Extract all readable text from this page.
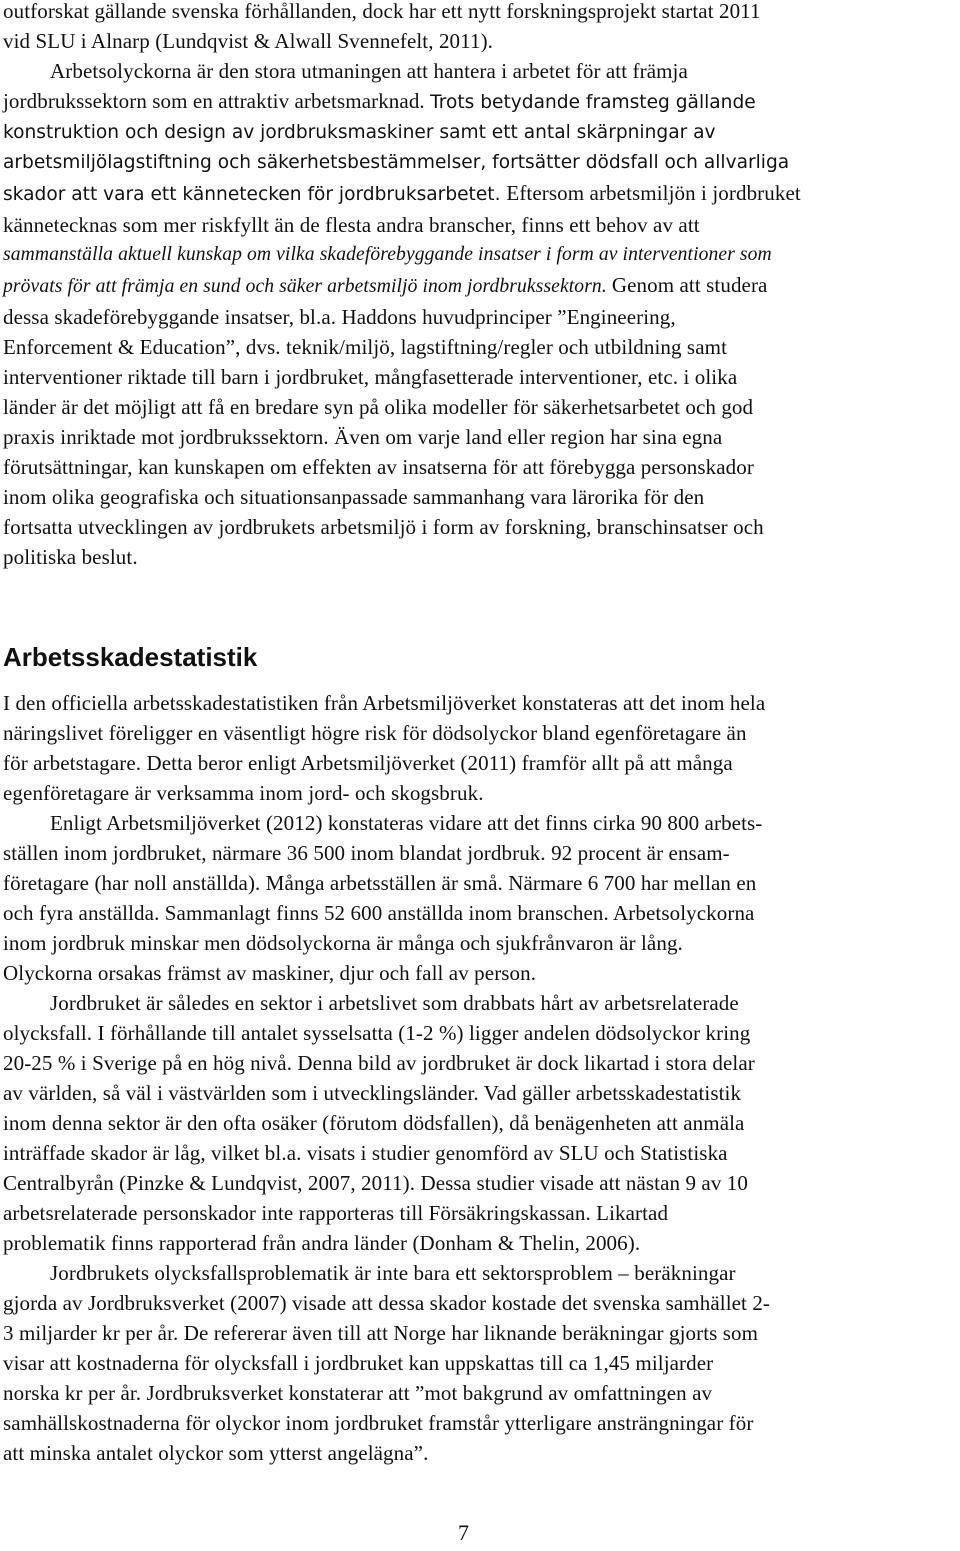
outforskat gällande svenska förhållanden, dock har ett nytt forskningsprojekt startat 2011
vid SLU i Alnarp (Lundqvist & Alwall Svennefelt, 2011).
Arbetsolyckorna är den stora utmaningen att hantera i arbetet för att främja
jordbrukssektorn som en attraktiv arbetsmarknad. Trots betydande framsteg gällande
konstruktion och design av jordbruksmaskiner samt ett antal skärpningar av
arbetsmiljölagstiftning och säkerhetsbestämmelser, fortsätter dödsfall och allvarliga
skador att vara ett kännetecken för jordbruksarbetet. Eftersom arbetsmiljön i jordbruket
kännetecknas som mer riskfyllt än de flesta andra branscher, finns ett behov av att
sammanställa aktuell kunskap om vilka skadeförebyggande insatser i form av interventioner som
prövats för att främja en sund och säker arbetsmiljö inom jordbrukssektorn. Genom att studera
dessa skadeförebyggande insatser, bl.a. Haddons huvudprinciper ”Engineering,
Enforcement & Education”, dvs. teknik/miljö, lagstiftning/regler och utbildning samt
interventioner riktade till barn i jordbruket, mångfasetterade interventioner, etc. i olika
länder är det möjligt att få en bredare syn på olika modeller för säkerhetsarbetet och god
praxis inriktade mot jordbrukssektorn. Även om varje land eller region har sina egna
förutsättningar, kan kunskapen om effekten av insatserna för att förebygga personskador
inom olika geografiska och situationsanpassade sammanhang vara lärorika för den
fortsatta utvecklingen av jordbrukets arbetsmiljö i form av forskning, branschinsatser och
politiska beslut.
Arbetsskadestatistik
I den officiella arbetsskadestatistiken från Arbetsmiljöverket konstateras att det inom hela
näringslivet föreligger en väsentligt högre risk för dödsolyckor bland egenföretagare än
för arbetstagare. Detta beror enligt Arbetsmiljöverket (2011) framför allt på att många
egenföretagare är verksamma inom jord- och skogsbruk.
Enligt Arbetsmiljöverket (2012) konstateras vidare att det finns cirka 90 800 arbets-
ställen inom jordbruket, närmare 36 500 inom blandat jordbruk. 92 procent är ensam-
företagare (har noll anställda). Många arbetsställen är små. Närmare 6 700 har mellan en
och fyra anställda. Sammanlagt finns 52 600 anställda inom branschen. Arbetsolyckorna
inom jordbruk minskar men dödsolyckorna är många och sjukfrånvaron är lång.
Olyckorna orsakas främst av maskiner, djur och fall av person.
Jordbruket är således en sektor i arbetslivet som drabbats hårt av arbetsrelaterade
olycksfall. I förhållande till antalet sysselsatta (1-2 %) ligger andelen dödsolyckor kring
20-25 % i Sverige på en hög nivå. Denna bild av jordbruket är dock likartad i stora delar
av världen, så väl i västvärlden som i utvecklingsländer. Vad gäller arbetsskadestatistik
inom denna sektor är den ofta osäker (förutom dödsfallen), då benägenheten att anmäla
inträffade skador är låg, vilket bl.a. visats i studier genomförd av SLU och Statistiska
Centralbyrån (Pinzke & Lundqvist, 2007, 2011). Dessa studier visade att nästan 9 av 10
arbetsrelaterade personskador inte rapporteras till Försäkringskassan. Likartad
problematik finns rapporterad från andra länder (Donham & Thelin, 2006).
Jordbrukets olycksfallsproblematik är inte bara ett sektorsproblem – beräkningar
gjorda av Jordbruksverket (2007) visade att dessa skador kostade det svenska samhället 2-
3 miljarder kr per år. De refererar även till att Norge har liknande beräkningar gjorts som
visar att kostnaderna för olycksfall i jordbruket kan uppskattas till ca 1,45 miljarder
norska kr per år. Jordbruksverket konstaterar att ”mot bakgrund av omfattningen av
samhällskostnaderna för olyckor inom jordbruket framstår ytterligare ansträngningar för
att minska antalet olyckor som ytterst angelägna”.
7
